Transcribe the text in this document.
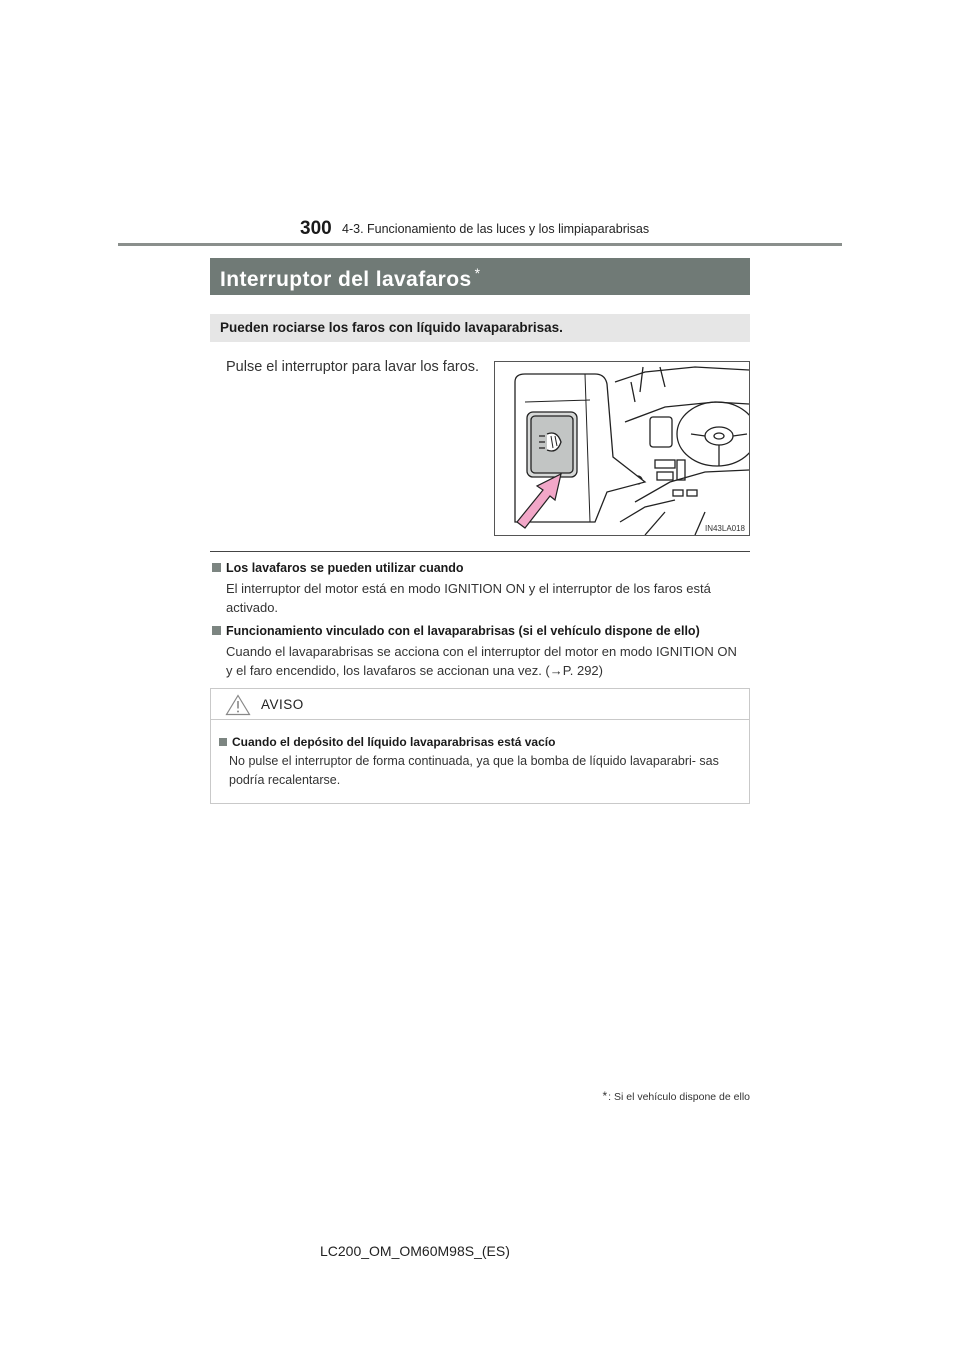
300 4-3. Funcionamiento de las luces y los limpiaparabrisas
Interruptor del lavafaros *
Pueden rociarse los faros con líquido lavaparabrisas.
Pulse el interruptor para lavar los faros.
IN43LA018
Los lavafaros se pueden utilizar cuando
El interruptor del motor está en modo IGNITION ON y el interruptor de los faros está activado.
Funcionamiento vinculado con el lavaparabrisas (si el vehículo dispone de ello)
Cuando el lavaparabrisas se acciona con el interruptor del motor en modo IGNITION ON y el faro encendido, los lavafaros se accionan una vez. (→P. 292)
AVISO
Cuando el depósito del líquido lavaparabrisas está vacío
No pulse el interruptor de forma continuada, ya que la bomba de líquido lavaparabri- sas podría recalentarse.
*: Si el vehículo dispone de ello
LC200_OM_OM60M98S_(ES)
